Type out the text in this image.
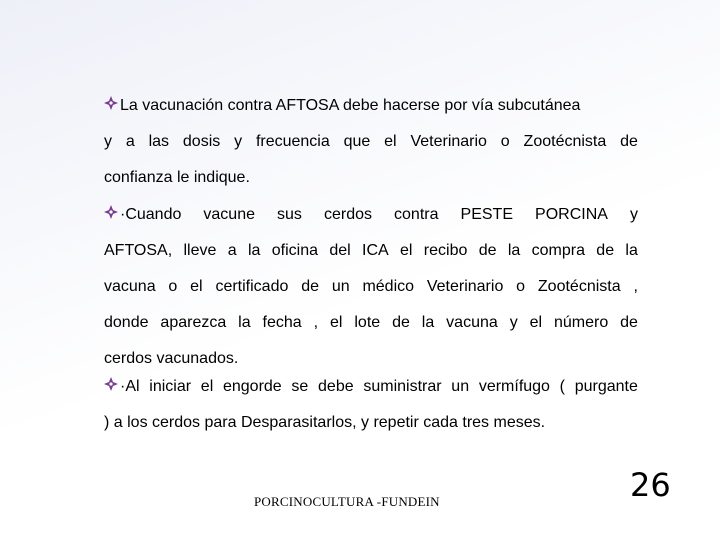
La vacunación contra AFTOSA debe hacerse por vía subcutánea
y a las dosis y frecuencia que el Veterinario o Zootécnista de
confianza le indique.
·Cuando vacune sus cerdos contra PESTE PORCINA y
AFTOSA, lleve a la oficina del ICA el recibo de la compra de la
vacuna o el certificado de un médico Veterinario o Zootécnista ,
donde aparezca la fecha , el lote de la vacuna y el número de
cerdos vacunados.
·Al iniciar el engorde se debe suministrar un vermífugo ( purgante
) a los cerdos para Desparasitarlos, y repetir cada tres meses.
PORCINOCULTURA -FUNDEIN	26
